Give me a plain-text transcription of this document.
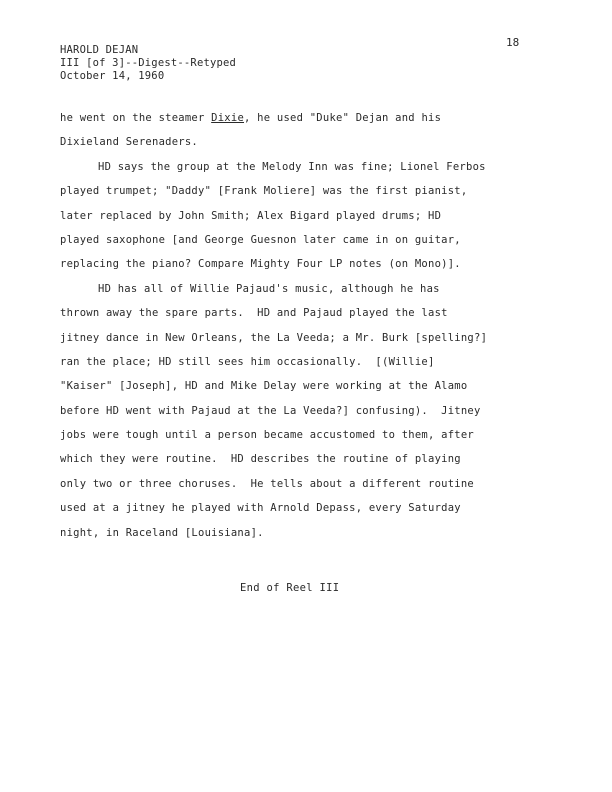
HAROLD DEJAN
III [of 3]--Digest--Retyped
October 14, 1960
18
he went on the steamer Dixie, he used "Duke" Dejan and his
Dixieland Serenaders.
HD says the group at the Melody Inn was fine; Lionel Ferbos
played trumpet; "Daddy" [Frank Moliere] was the first pianist,
later replaced by John Smith; Alex Bigard played drums; HD
played saxophone [and George Guesnon later came in on guitar,
replacing the piano? Compare Mighty Four LP notes (on Mono)].
HD has all of Willie Pajaud's music, although he has
thrown away the spare parts.  HD and Pajaud played the last
jitney dance in New Orleans, the La Veeda; a Mr. Burk [spelling?]
ran the place; HD still sees him occasionally.  [(Willie]
"Kaiser" [Joseph], HD and Mike Delay were working at the Alamo
before HD went with Pajaud at the La Veeda?] confusing).  Jitney
jobs were tough until a person became accustomed to them, after
which they were routine.  HD describes the routine of playing
only two or three choruses.  He tells about a different routine
used at a jitney he played with Arnold Depass, every Saturday
night, in Raceland [Louisiana].
End of Reel III
